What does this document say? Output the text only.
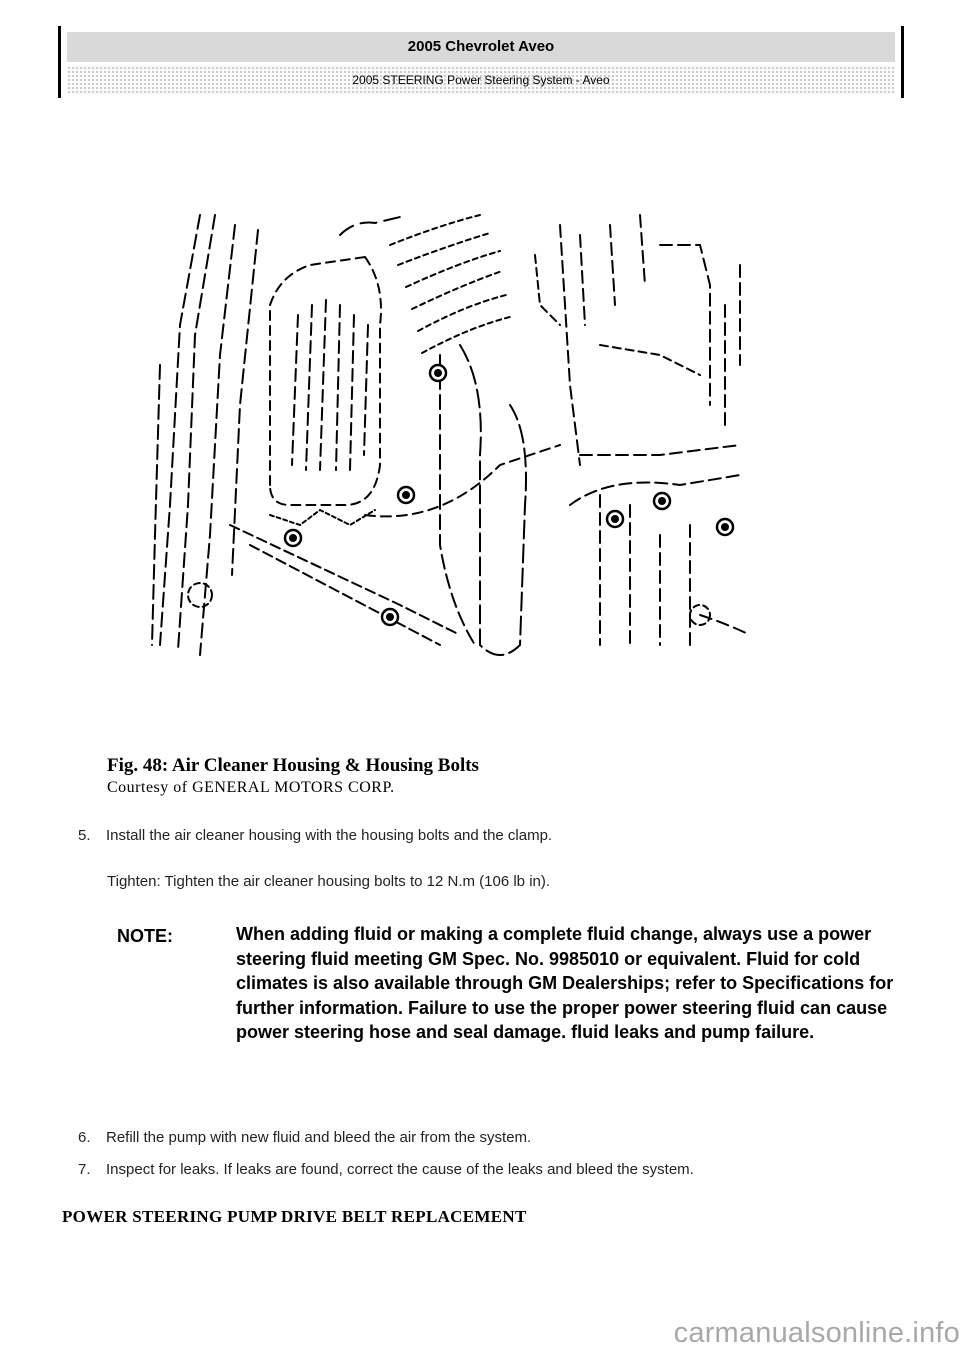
2005 Chevrolet Aveo
2005 STEERING Power Steering System - Aveo
Fig. 48: Air Cleaner Housing & Housing Bolts
Courtesy of GENERAL MOTORS CORP.
5. Install the air cleaner housing with the housing bolts and the clamp.
Tighten: Tighten the air cleaner housing bolts to 12 N.m (106 lb in).
NOTE:	When adding fluid or making a complete fluid change, always use a power steering fluid meeting GM Spec. No. 9985010 or equivalent. Fluid for cold climates is also available through GM Dealerships; refer to Specifications for further information. Failure to use the proper power steering fluid can cause power steering hose and seal damage. fluid leaks and pump failure.
6. Refill the pump with new fluid and bleed the air from the system.
7. Inspect for leaks. If leaks are found, correct the cause of the leaks and bleed the system.
POWER STEERING PUMP DRIVE BELT REPLACEMENT
carmanualsonline.info
